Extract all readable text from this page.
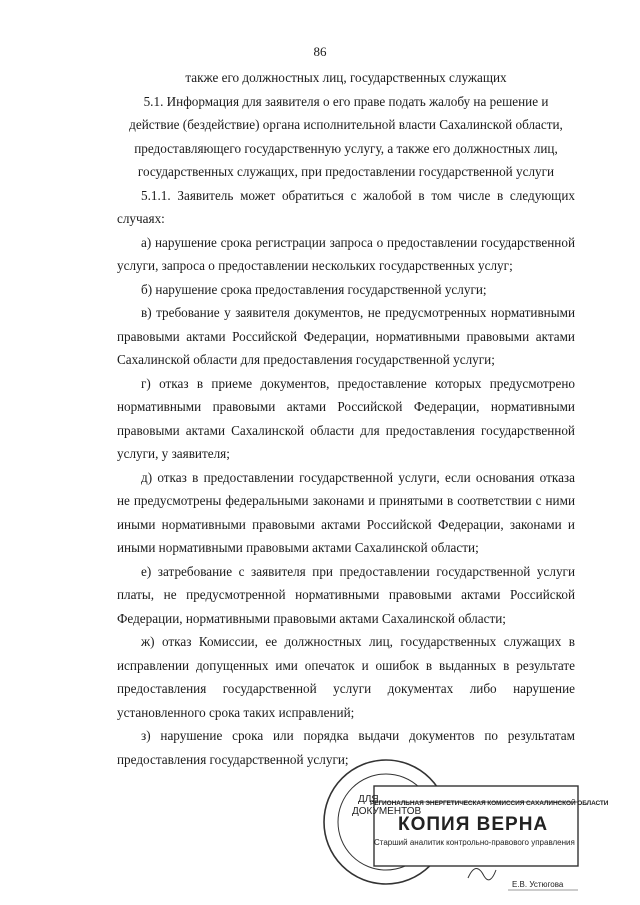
86

также его должностных лиц, государственных служащих

5.1. Информация для заявителя о его праве подать жалобу на решение и действие (бездействие) органа исполнительной власти Сахалинской области, предоставляющего государственную услугу, а также его должностных лиц, государственных служащих, при предоставлении государственной услуги

5.1.1. Заявитель может обратиться с жалобой в том числе в следующих случаях:

а) нарушение срока регистрации запроса о предоставлении государственной услуги, запроса о предоставлении нескольких государственных услуг;

б) нарушение срока предоставления государственной услуги;

в) требование у заявителя документов, не предусмотренных нормативными правовыми актами Российской Федерации, нормативными правовыми актами Сахалинской области для предоставления государственной услуги;

г) отказ в приеме документов, предоставление которых предусмотрено нормативными правовыми актами Российской Федерации, нормативными правовыми актами Сахалинской области для предоставления государственной услуги, у заявителя;

д) отказ в предоставлении государственной услуги, если основания отказа не предусмотрены федеральными законами и принятыми в соответствии с ними иными нормативными правовыми актами Российской Федерации, законами и иными нормативными правовыми актами Сахалинской области;

е) затребование с заявителя при предоставлении государственной услуги платы, не предусмотренной нормативными правовыми актами Российской Федерации, нормативными правовыми актами Сахалинской области;

ж) отказ Комиссии, ее должностных лиц, государственных служащих в исправлении допущенных ими опечаток и ошибок в выданных в результате предоставления государственной услуги документах либо нарушение установленного срока таких исправлений;

з) нарушение срока или порядка выдачи документов по результатам предоставления государственной услуги;

РЕГИОНАЛЬНАЯ ЭНЕРГЕТИЧЕСКАЯ КОМИССИЯ САХАЛИНСКОЙ ОБЛАСТИ
ДЛЯ
ДОКУМЕНТОВ
КОПИЯ ВЕРНА
Старший аналитик контрольно-правового управления
Е.В. Устюгова
